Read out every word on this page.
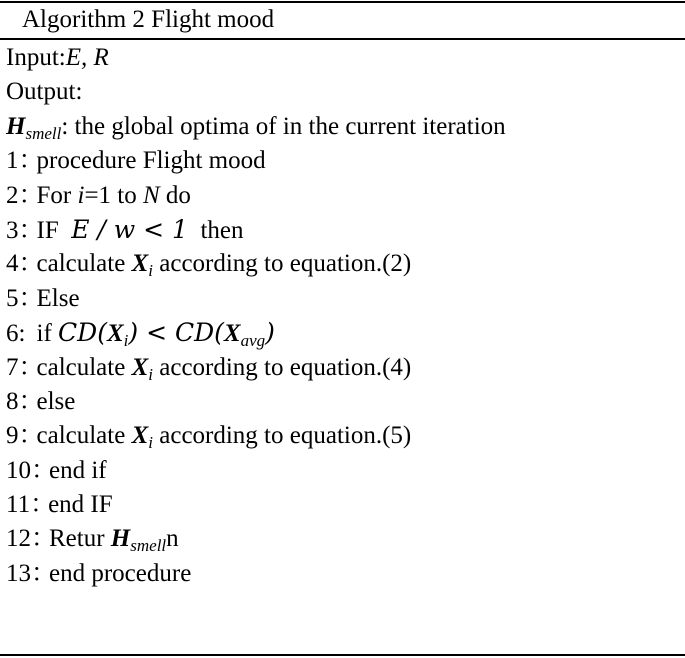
Algorithm 2 Flight mood
Input:E, R
Output:
$H_{smell}$: the global optima of in the current iteration
1：procedure Flight mood
2：For i=1 to N do
3：IF  E / w < 1  then
4：calculate $X_i$ according to equation.(2)
5：Else
6: if $CD(X_i) < CD(X_{avg})$
7：calculate $X_i$ according to equation.(4)
8：else
9：calculate $X_i$ according to equation.(5)
10：end if
11：end IF
12：Retur $H_{smell}n$
13：end procedure
